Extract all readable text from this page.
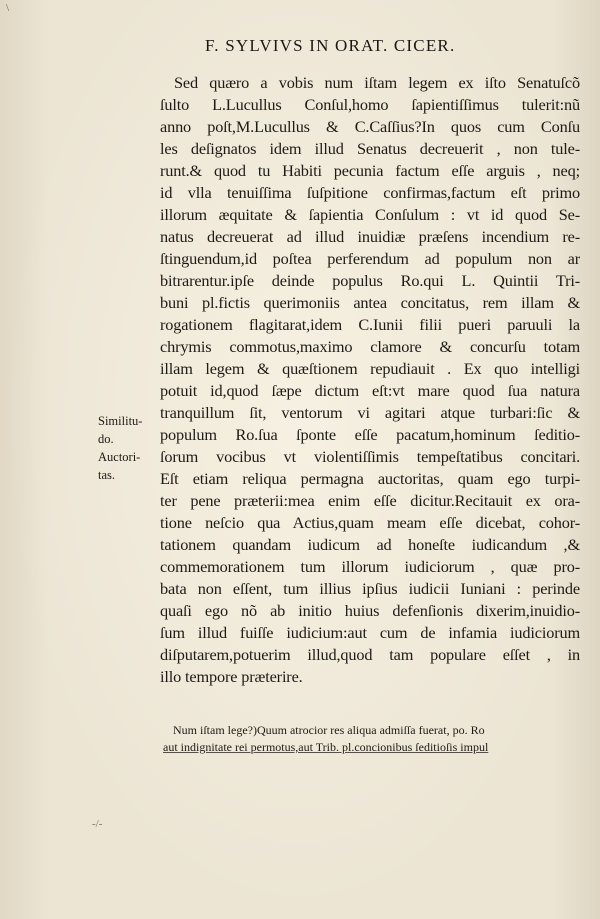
\
F. SYLVIVS IN ORAT. CICER.
Sed quæro a vobis num iſtam legem ex iſto Senatuſcõ
ſulto L.Lucullus Conſul,homo ſapientiſſimus tulerit:nũ
anno poſt,M.Lucullus & C.Caſſius?In quos cum Conſu
les deſignatos idem illud Senatus decreuerit , non tule-
runt.& quod tu Habiti pecunia factum eſſe arguis , neq;
id vlla tenuiſſima ſuſpitione confirmas,factum eſt primo
illorum æquitate & ſapientia Conſulum : vt id quod Se-
natus decreuerat ad illud inuidiæ præſens incendium re-
ſtinguendum,id poſtea perferendum ad populum non ar
bitrarentur.ipſe deinde populus Ro.qui L. Quintii Tri-
buni pl.fictis querimoniis antea concitatus, rem illam &
rogationem flagitarat,idem C.Iunii filii pueri paruuli la
chrymis commotus,maximo clamore & concurſu totam
illam legem & quæſtionem repudiauit . Ex quo intelligi
potuit id,quod ſæpe dictum eſt:vt mare quod ſua natura
tranquillum ſit, ventorum vi agitari atque turbari:ſic &
populum Ro.ſua ſponte eſſe pacatum,hominum ſeditio-
ſorum vocibus vt violentiſſimis tempeſtatibus concitari.
Eſt etiam reliqua permagna auctoritas, quam ego turpi-
ter pene præterii:mea enim eſſe dicitur.Recitauit ex ora-
tione neſcio qua Actius,quam meam eſſe dicebat, cohor-
tationem quandam iudicum ad honeſte iudicandum ,&
commemorationem tum illorum iudiciorum , quæ pro-
bata non eſſent, tum illius ipſius iudicii Iuniani : perinde
quaſi ego nõ ab initio huius defenſionis dixerim,inuidio-
ſum illud fuiſſe iudicium:aut cum de infamia iudiciorum
diſputarem,potuerim illud,quod tam populare eſſet , in
illo tempore præterire.
Similitu-
do.
Auctori-
tas.
Num iſtam lege?)Quum atrocior res aliqua admiſſa fuerat, po. Ro
aut indignitate rei permotus,aut Trib. pl.concionibus ſeditioſis impul
-/-
